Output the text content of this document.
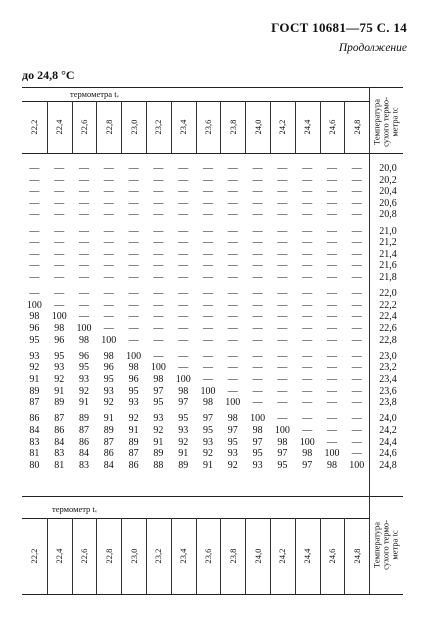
ГОСТ 10681—75 С. 14
Продолжение
до 24,8 °С
термометра tᵥ
22,2 22,4 22,6 22,8 23,0 23,2 23,4 23,6 23,8 24,0 24,2 24,4 24,6 24,8 Температура сухого термо- метра tc
— — — — — — — — — — — — — — 20,0
— — — — — — — — — — — — — — 20,2
— — — — — — — — — — — — — — 20,4
— — — — — — — — — — — — — — 20,6
— — — — — — — — — — — — — — 20,8
— — — — — — — — — — — — — — 21,0
— — — — — — — — — — — — — — 21,2
— — — — — — — — — — — — — — 21,4
— — — — — — — — — — — — — — 21,6
— — — — — — — — — — — — — — 21,8
— — — — — — — — — — — — — — 22,0
100 — — — — — — — — — — — — — 22,2
98 100 — — — — — — — — — — — — 22,4
96 98 100 — — — — — — — — — — — 22,6
95 96 98 100 — — — — — — — — — — 22,8
93 95 96 98 100 — — — — — — — — — 23,0
92 93 95 96 98 100 — — — — — — — — 23,2
91 92 93 95 96 98 100 — — — — — — — 23,4
89 91 92 93 95 97 98 100 — — — — — — 23,6
87 89 91 92 93 95 97 98 100 — — — — — 23,8
86 87 89 91 92 93 95 97 98 100 — — — — 24,0
84 86 87 89 91 92 93 95 97 98 100 — — — 24,2
83 84 86 87 89 91 92 93 95 97 98 100 — — 24,4
81 83 84 86 87 89 91 92 93 95 97 98 100 — 24,6
80 81 83 84 86 88 89 91 92 93 95 97 98 100 24,8
термометр tᵥ
22,2 22,4 22,6 22,8 23,0 23,2 23,4 23,6 23,8 24,0 24,2 24,4 24,6 24,8 Температура сухого термо- метра tc
